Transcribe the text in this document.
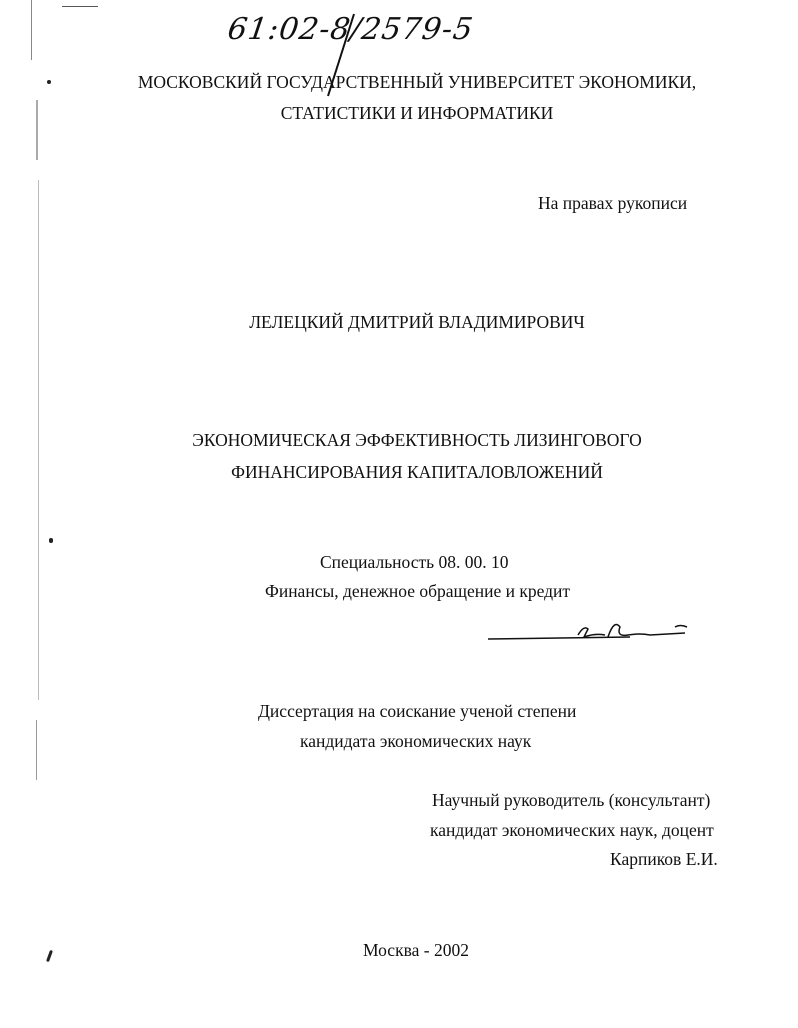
61:02-8/2579-5
МОСКОВСКИЙ ГОСУДАРСТВЕННЫЙ УНИВЕРСИТЕТ ЭКОНОМИКИ,
СТАТИСТИКИ И ИНФОРМАТИКИ
На правах рукописи
ЛЕЛЕЦКИЙ ДМИТРИЙ ВЛАДИМИРОВИЧ
ЭКОНОМИЧЕСКАЯ ЭФФЕКТИВНОСТЬ ЛИЗИНГОВОГО
ФИНАНСИРОВАНИЯ КАПИТАЛОВЛОЖЕНИЙ
Специальность 08. 00. 10
Финансы, денежное обращение и кредит
Диссертация на соискание ученой степени
кандидата экономических наук
Научный руководитель (консультант)
кандидат экономических наук, доцент
Карпиков Е.И.
Москва - 2002
